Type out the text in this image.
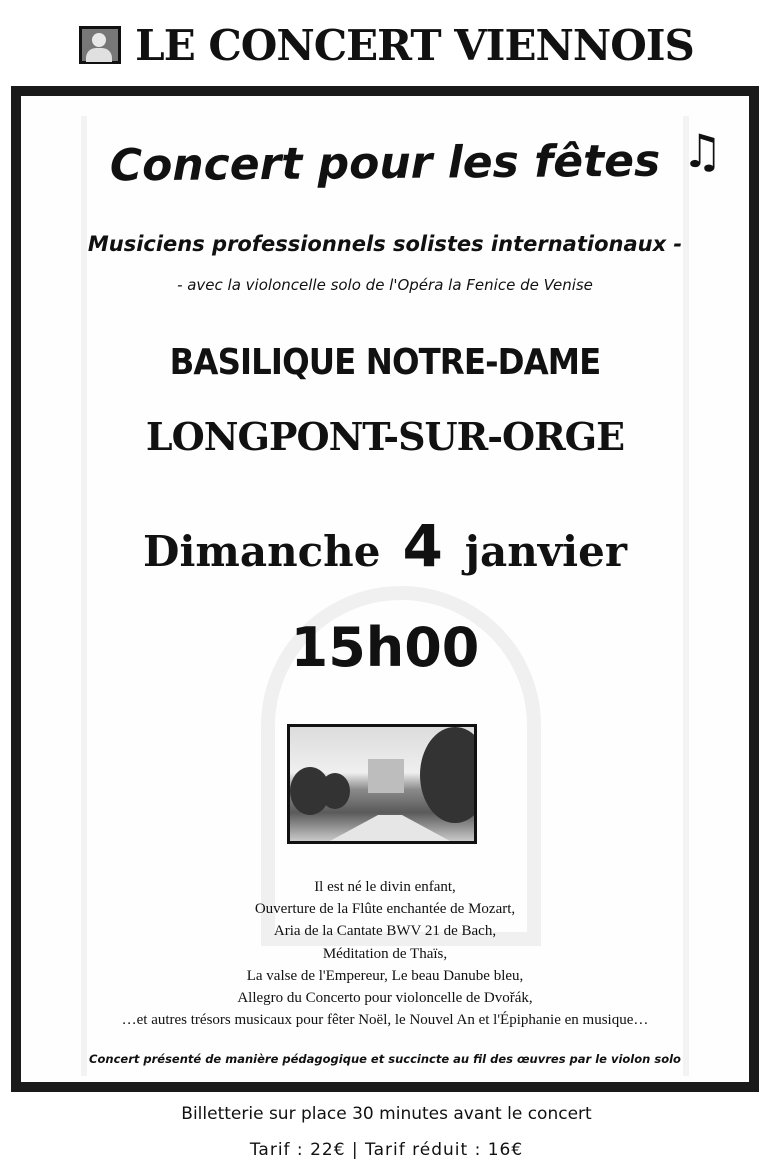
LE CONCERT VIENNOIS
Concert pour les fêtes ♫
Musiciens professionnels solistes internationaux -
- avec la violoncelle solo de l'Opéra la Fenice de Venise
BASILIQUE NOTRE-DAME
LONGPONT-SUR-ORGE
Dimanche 4 janvier
15h00
Il est né le divin enfant,
Ouverture de la Flûte enchantée de Mozart,
Aria de la Cantate BWV 21 de Bach,
Méditation de Thaïs,
La valse de l'Empereur, Le beau Danube bleu,
Allegro du Concerto pour violoncelle de Dvořák,
…et autres trésors musicaux pour fêter Noël, le Nouvel An et l'Épiphanie en musique…
Concert présenté de manière pédagogique et succincte au fil des œuvres par le violon solo
Billetterie sur place 30 minutes avant le concert
Tarif : 22€ | Tarif réduit : 16€
